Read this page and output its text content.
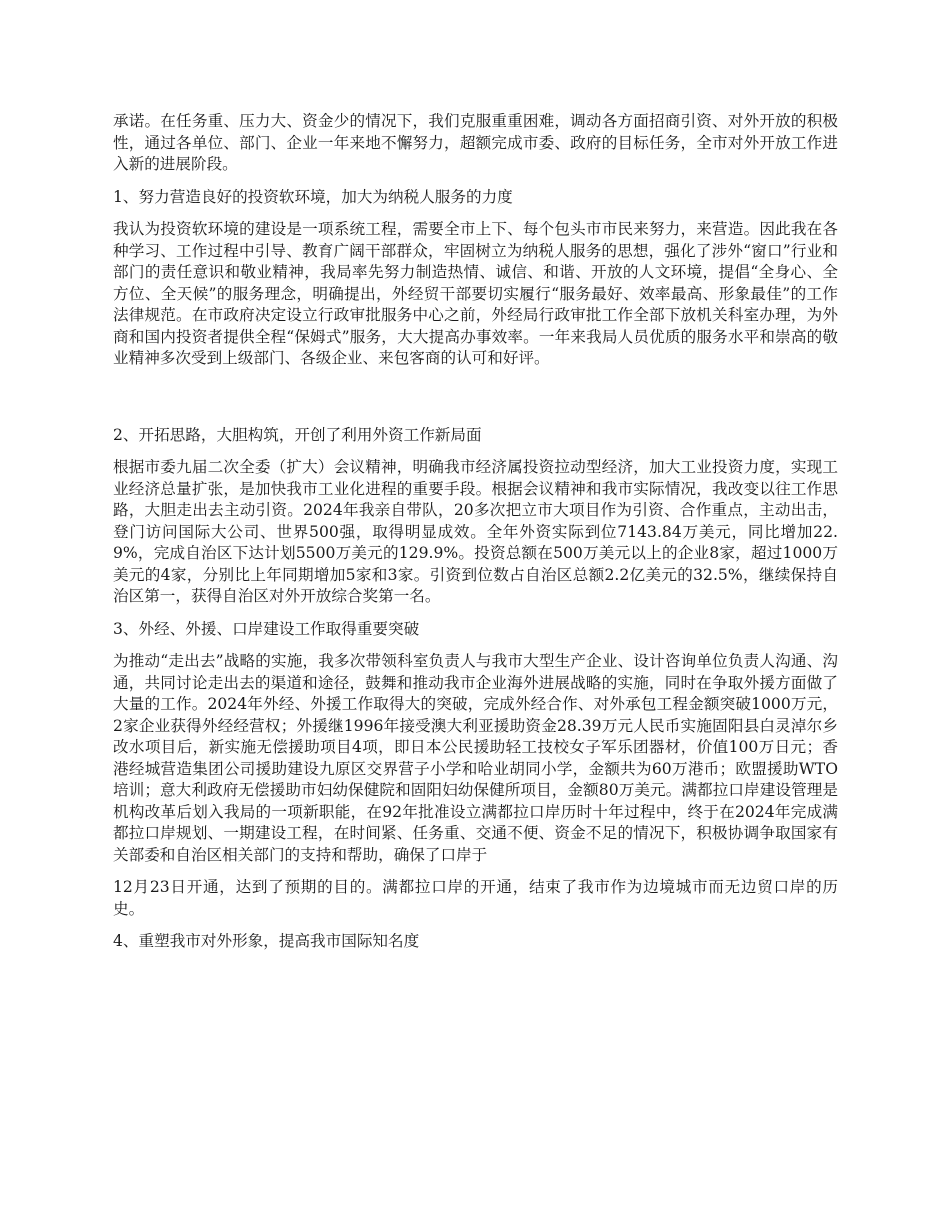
承诺。在任务重、压力大、资金少的情况下，我们克服重重困难，调动各方面招商引资、对外开放的积极性，通过各单位、部门、企业一年来地不懈努力，超额完成市委、政府的目标任务，全市对外开放工作进入新的进展阶段。

1、努力营造良好的投资软环境，加大为纳税人服务的力度

我认为投资软环境的建设是一项系统工程，需要全市上下、每个包头市市民来努力，来营造。因此我在各种学习、工作过程中引导、教育广阔干部群众，牢固树立为纳税人服务的思想，强化了涉外“窗口”行业和部门的责任意识和敬业精神，我局率先努力制造热情、诚信、和谐、开放的人文环境，提倡“全身心、全方位、全天候”的服务理念，明确提出，外经贸干部要切实履行“服务最好、效率最高、形象最佳”的工作法律规范。在市政府决定设立行政审批服务中心之前，外经局行政审批工作全部下放机关科室办理，为外商和国内投资者提供全程“保姆式”服务，大大提高办事效率。一年来我局人员优质的服务水平和崇高的敬业精神多次受到上级部门、各级企业、来包客商的认可和好评。

2、开拓思路，大胆构筑，开创了利用外资工作新局面

根据市委九届二次全委（扩大）会议精神，明确我市经济属投资拉动型经济，加大工业投资力度，实现工业经济总量扩张，是加快我市工业化进程的重要手段。根据会议精神和我市实际情况，我改变以往工作思路，大胆走出去主动引资。2024年我亲自带队，20多次把立市大项目作为引资、合作重点，主动出击，登门访问国际大公司、世界500强，取得明显成效。全年外资实际到位7143.84万美元，同比增加22.9%，完成自治区下达计划5500万美元的129.9%。投资总额在500万美元以上的企业8家，超过1000万美元的4家，分别比上年同期增加5家和3家。引资到位数占自治区总额2.2亿美元的32.5%，继续保持自治区第一，获得自治区对外开放综合奖第一名。

3、外经、外援、口岸建设工作取得重要突破

为推动“走出去”战略的实施，我多次带领科室负责人与我市大型生产企业、设计咨询单位负责人沟通、沟通，共同讨论走出去的渠道和途径，鼓舞和推动我市企业海外进展战略的实施，同时在争取外援方面做了大量的工作。2024年外经、外援工作取得大的突破，完成外经合作、对外承包工程金额突破1000万元，2家企业获得外经经营权；外援继1996年接受澳大利亚援助资金28.39万元人民币实施固阳县白灵淖尔乡改水项目后，新实施无偿援助项目4项，即日本公民援助轻工技校女子军乐团器材，价值100万日元；香港经城营造集团公司援助建设九原区交界营子小学和哈业胡同小学，金额共为60万港币；欧盟援助WTO培训；意大利政府无偿援助市妇幼保健院和固阳妇幼保健所项目，金额80万美元。满都拉口岸建设管理是机构改革后划入我局的一项新职能，在92年批准设立满都拉口岸历时十年过程中，终于在2024年完成满都拉口岸规划、一期建设工程，在时间紧、任务重、交通不便、资金不足的情况下，积极协调争取国家有关部委和自治区相关部门的支持和帮助，确保了口岸于

12月23日开通，达到了预期的目的。满都拉口岸的开通，结束了我市作为边境城市而无边贸口岸的历史。

4、重塑我市对外形象，提高我市国际知名度
